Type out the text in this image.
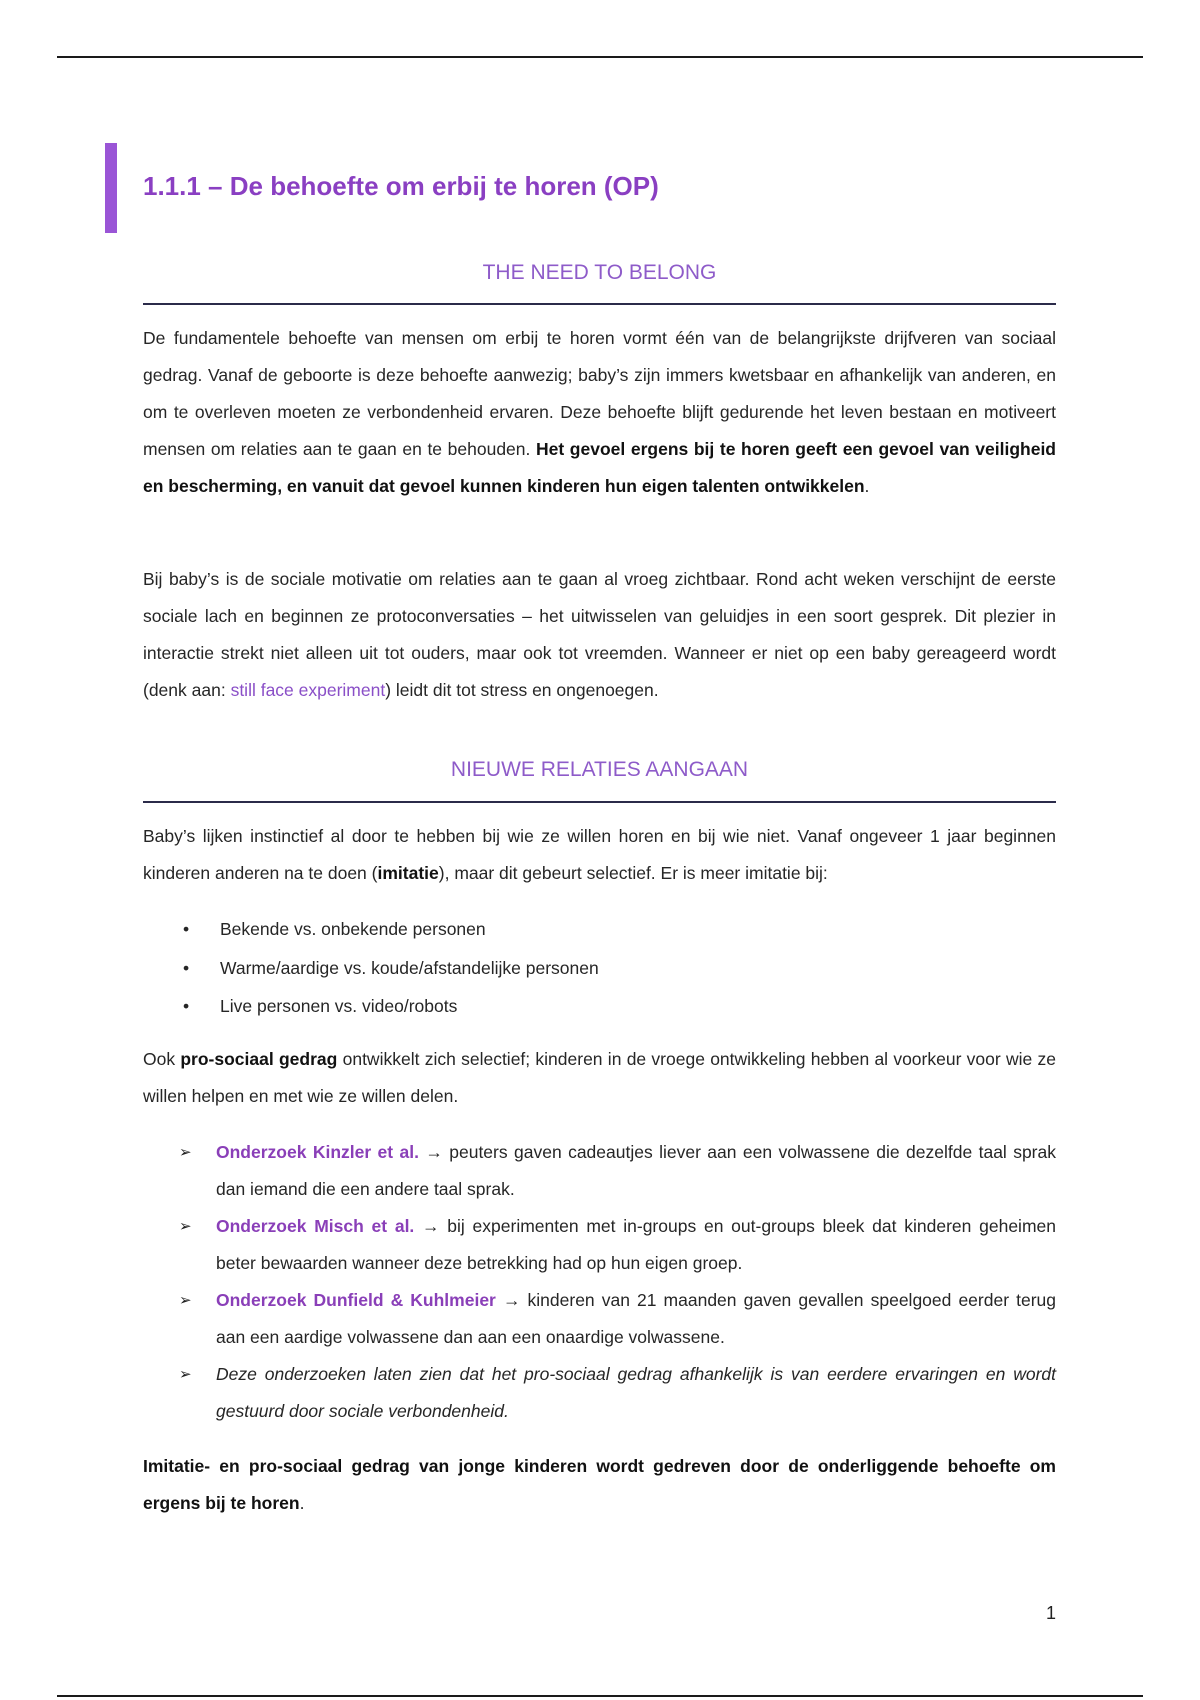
1.1.1 – De behoefte om erbij te horen (OP)
THE NEED TO BELONG

De fundamentele behoefte van mensen om erbij te horen vormt één van de belangrijkste drijfveren van sociaal gedrag. Vanaf de geboorte is deze behoefte aanwezig; baby’s zijn immers kwetsbaar en afhankelijk van anderen, en om te overleven moeten ze verbondenheid ervaren. Deze behoefte blijft gedurende het leven bestaan en motiveert mensen om relaties aan te gaan en te behouden. Het gevoel ergens bij te horen geeft een gevoel van veiligheid en bescherming, en vanuit dat gevoel kunnen kinderen hun eigen talenten ontwikkelen.

Bij baby’s is de sociale motivatie om relaties aan te gaan al vroeg zichtbaar. Rond acht weken verschijnt de eerste sociale lach en beginnen ze protoconversaties – het uitwisselen van geluidjes in een soort gesprek. Dit plezier in interactie strekt niet alleen uit tot ouders, maar ook tot vreemden. Wanneer er niet op een baby gereageerd wordt (denk aan: still face experiment) leidt dit tot stress en ongenoegen.

NIEUWE RELATIES AANGAAN

Baby’s lijken instinctief al door te hebben bij wie ze willen horen en bij wie niet. Vanaf ongeveer 1 jaar beginnen kinderen anderen na te doen (imitatie), maar dit gebeurt selectief. Er is meer imitatie bij:

• Bekende vs. onbekende personen
• Warme/aardige vs. koude/afstandelijke personen
• Live personen vs. video/robots

Ook pro-sociaal gedrag ontwikkelt zich selectief; kinderen in de vroege ontwikkeling hebben al voorkeur voor wie ze willen helpen en met wie ze willen delen.

➢ Onderzoek Kinzler et al. → peuters gaven cadeautjes liever aan een volwassene die dezelfde taal sprak dan iemand die een andere taal sprak.
➢ Onderzoek Misch et al. → bij experimenten met in-groups en out-groups bleek dat kinderen geheimen beter bewaarden wanneer deze betrekking had op hun eigen groep.
➢ Onderzoek Dunfield & Kuhlmeier → kinderen van 21 maanden gaven gevallen speelgoed eerder terug aan een aardige volwassene dan aan een onaardige volwassene.
➢ Deze onderzoeken laten zien dat het pro-sociaal gedrag afhankelijk is van eerdere ervaringen en wordt gestuurd door sociale verbondenheid.

Imitatie- en pro-sociaal gedrag van jonge kinderen wordt gedreven door de onderliggende behoefte om ergens bij te horen.

1
